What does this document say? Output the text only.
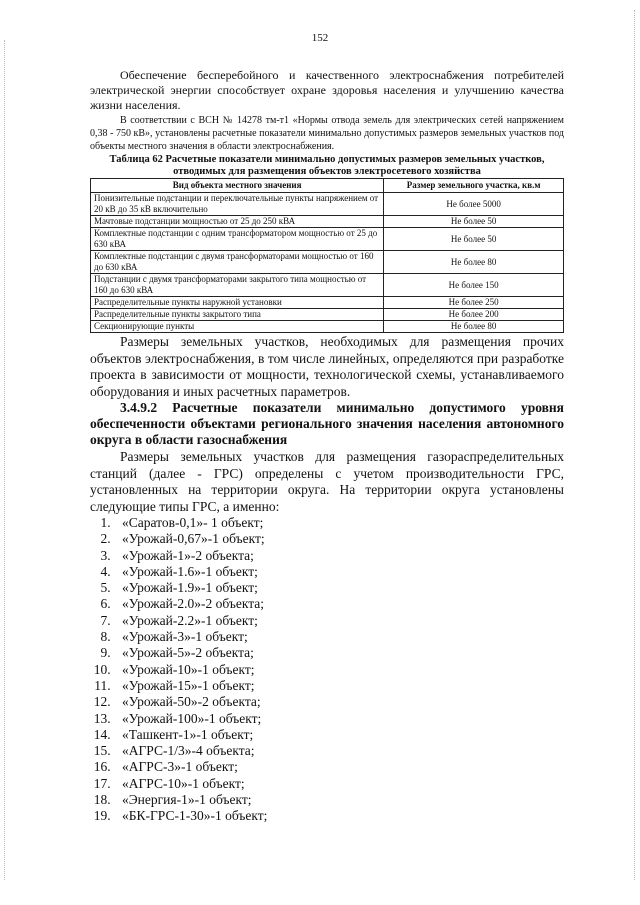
152

Обеспечение бесперебойного и качественного электроснабжения потребителей электрической энергии способствует охране здоровья населения и улучшению качества жизни населения.

В соответствии с ВСН № 14278 тм-т1 «Нормы отвода земель для электрических сетей напряжением 0,38 - 750 кВ», установлены расчетные показатели минимально допустимых размеров земельных участков под объекты местного значения в области электроснабжения.

Таблица 62 Расчетные показатели минимально допустимых размеров земельных участков, отводимых для размещения объектов электросетевого хозяйства
Вид объекта местного значения	Размер земельного участка, кв.м
Понизительные подстанции и переключательные пункты напряжением от 20 кВ до 35 кВ включительно	Не более 5000
Мачтовые подстанции мощностью от 25 до 250 кВА	Не более 50
Комплектные подстанции с одним трансформатором мощностью от 25 до 630 кВА	Не более 50
Комплектные подстанции с двумя трансформаторами мощностью от 160 до 630 кВА	Не более 80
Подстанции с двумя трансформаторами закрытого типа мощностью от 160 до 630 кВА	Не более 150
Распределительные пункты наружной установки	Не более 250
Распределительные пункты закрытого типа	Не более 200
Секционирующие пункты	Не более 80

Размеры земельных участков, необходимых для размещения прочих объектов электроснабжения, в том числе линейных, определяются при разработке проекта в зависимости от мощности, технологической схемы, устанавливаемого оборудования и иных расчетных параметров.

3.4.9.2 Расчетные показатели минимально допустимого уровня обеспеченности объектами регионального значения населения автономного округа в области газоснабжения

Размеры земельных участков для размещения газораспределительных станций (далее - ГРС) определены с учетом производительности ГРС, установленных на территории округа. На территории округа установлены следующие типы ГРС, а именно:

1. «Саратов-0,1»- 1 объект;
2. «Урожай-0,67»-1 объект;
3. «Урожай-1»-2 объекта;
4. «Урожай-1.6»-1 объект;
5. «Урожай-1.9»-1 объект;
6. «Урожай-2.0»-2 объекта;
7. «Урожай-2.2»-1 объект;
8. «Урожай-3»-1 объект;
9. «Урожай-5»-2 объекта;
10. «Урожай-10»-1 объект;
11. «Урожай-15»-1 объект;
12. «Урожай-50»-2 объекта;
13. «Урожай-100»-1 объект;
14. «Ташкент-1»-1 объект;
15. «АГРС-1/3»-4 объекта;
16. «АГРС-3»-1 объект;
17. «АГРС-10»-1 объект;
18. «Энергия-1»-1 объект;
19. «БК-ГРС-1-30»-1 объект;
